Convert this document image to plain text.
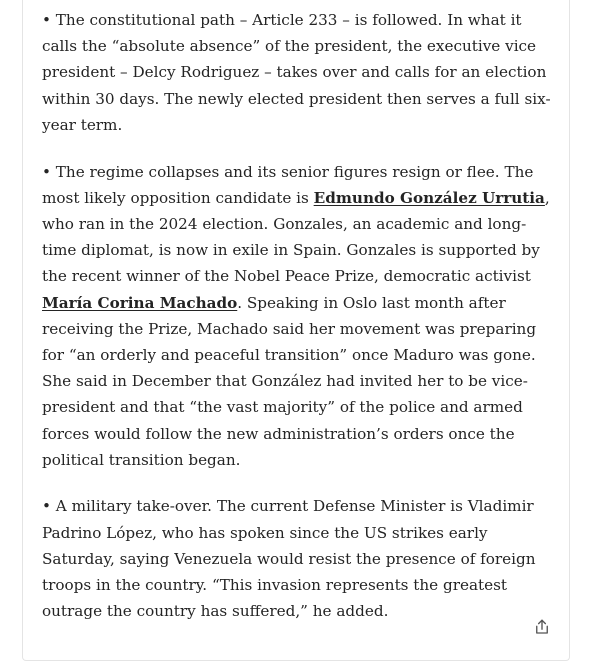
• The constitutional path – Article 233 – is followed. In what it calls the “absolute absence” of the president, the executive vice president – Delcy Rodriguez – takes over and calls for an election within 30 days. The newly elected president then serves a full six-year term.

• The regime collapses and its senior figures resign or flee. The most likely opposition candidate is Edmundo González Urrutia, who ran in the 2024 election. Gonzales, an academic and long-time diplomat, is now in exile in Spain. Gonzales is supported by the recent winner of the Nobel Peace Prize, democratic activist María Corina Machado. Speaking in Oslo last month after receiving the Prize, Machado said her movement was preparing for “an orderly and peaceful transition” once Maduro was gone. She said in December that González had invited her to be vice-president and that “the vast majority” of the police and armed forces would follow the new administration’s orders once the political transition began.

• A military take-over. The current Defense Minister is Vladimir Padrino López, who has spoken since the US strikes early Saturday, saying Venezuela would resist the presence of foreign troops in the country. “This invasion represents the greatest outrage the country has suffered,” he added.
